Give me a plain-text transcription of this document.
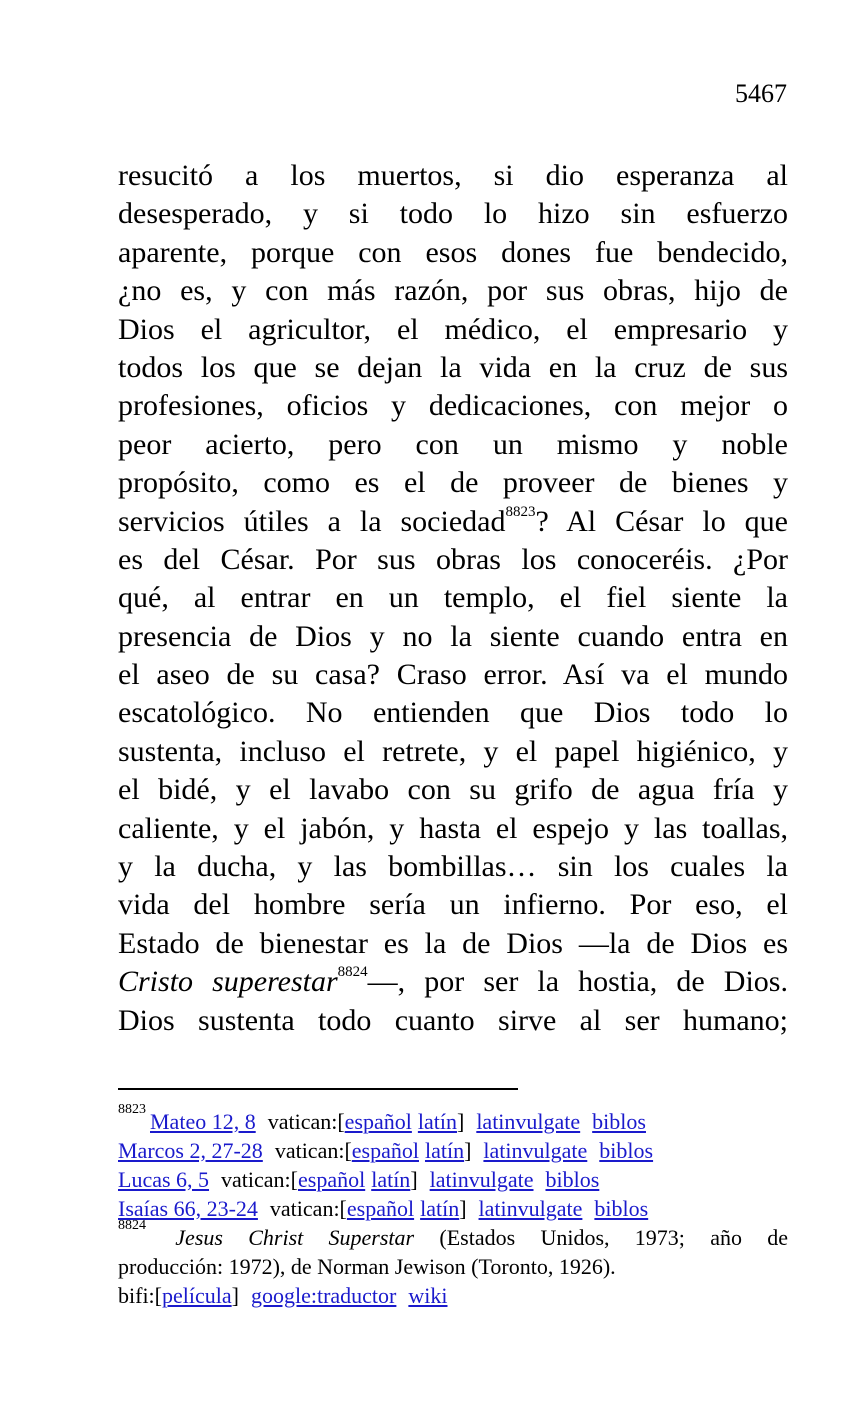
5467
resucitó a los muertos, si dio esperanza al
desesperado, y si todo lo hizo sin esfuerzo
aparente, porque con esos dones fue bendecido,
¿no es, y con más razón, por sus obras, hijo de
Dios el agricultor, el médico, el empresario y
todos los que se dejan la vida en la cruz de sus
profesiones, oficios y dedicaciones, con mejor o
peor acierto, pero con un mismo y noble
propósito, como es el de proveer de bienes y
servicios útiles a la sociedad$^{8823}$? Al César lo que
es del César. Por sus obras los conoceréis. ¿Por
qué, al entrar en un templo, el fiel siente la
presencia de Dios y no la siente cuando entra en
el aseo de su casa? Craso error. Así va el mundo
escatológico. No entienden que Dios todo lo
sustenta, incluso el retrete, y el papel higiénico, y
el bidé, y el lavabo con su grifo de agua fría y
caliente, y el jabón, y hasta el espejo y las toallas,
y la ducha, y las bombillas… sin los cuales la
vida del hombre sería un infierno. Por eso, el
Estado de bienestar es la de Dios —la de Dios es
Cristo superestar$^{8824}$—, por ser la hostia, de Dios.
Dios sustenta todo cuanto sirve al ser humano;
$^{8823}$ Mateo 12, 8 vatican:[español latín] latinvulgate biblos
Marcos 2, 27-28 vatican:[español latín] latinvulgate biblos
Lucas 6, 5 vatican:[español latín] latinvulgate biblos
Isaías 66, 23-24 vatican:[español latín] latinvulgate biblos
$^{8824}$ Jesus Christ Superstar (Estados Unidos, 1973; año de
producción: 1972), de Norman Jewison (Toronto, 1926).
bifi:[película] google:traductor wiki
